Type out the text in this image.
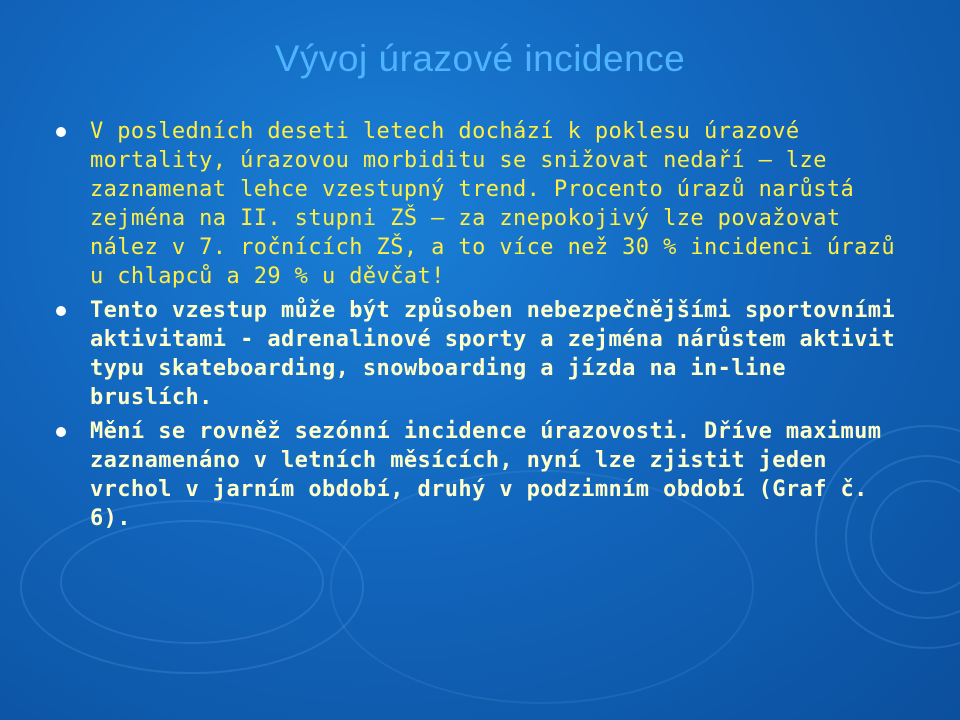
Vývoj úrazové incidence
V posledních deseti letech dochází k poklesu úrazové mortality, úrazovou morbiditu se snižovat nedaří – lze zaznamenat lehce vzestupný trend. Procento úrazů narůstá zejména na II. stupni ZŠ – za znepokojivý lze považovat nález v 7. ročnících ZŠ, a to více než 30 % incidenci úrazů u chlapců a 29 % u děvčat!
Tento vzestup může být způsoben nebezpečnějšími sportovními aktivitami - adrenalinové sporty a zejména nárůstem aktivit typu skateboarding, snowboarding a jízda na in-line bruslích.
Mění se rovněž sezónní incidence úrazovosti. Dříve maximum zaznamenáno v letních měsících, nyní lze zjistit jeden vrchol v jarním období, druhý v podzimním období (Graf č. 6).
